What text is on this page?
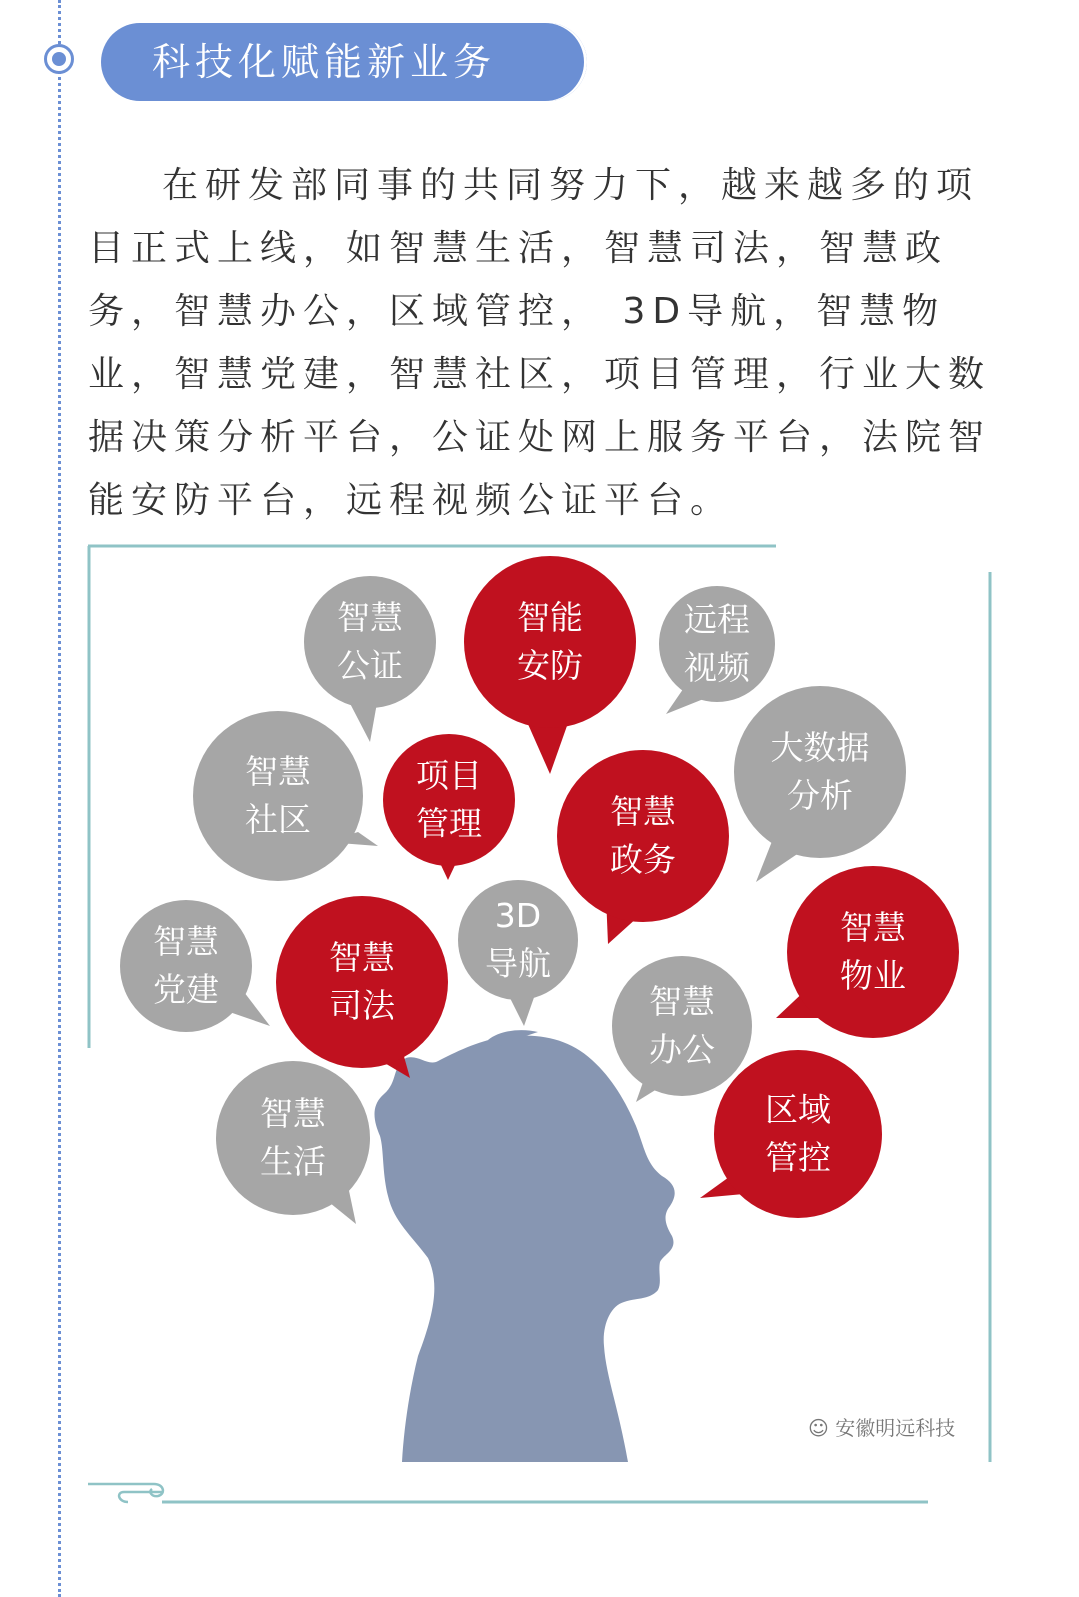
科技化赋能新业务

在研发部同事的共同努力下，越来越多的项目正式上线，如智慧生活，智慧司法，智慧政务，智慧办公，区域管控， 3D导航，智慧物业，智慧党建，智慧社区，项目管理，行业大数据决策分析平台，公证处网上服务平台，法院智能安防平台，远程视频公证平台。

智慧
公证
智能
安防
远程
视频
智慧
社区
项目
管理
大数据
分析
智慧
政务
智慧
党建
智慧
司法
3D
导航
智慧
物业
智慧
办公
智慧
生活
区域
管控
☺ 安徽明远科技
